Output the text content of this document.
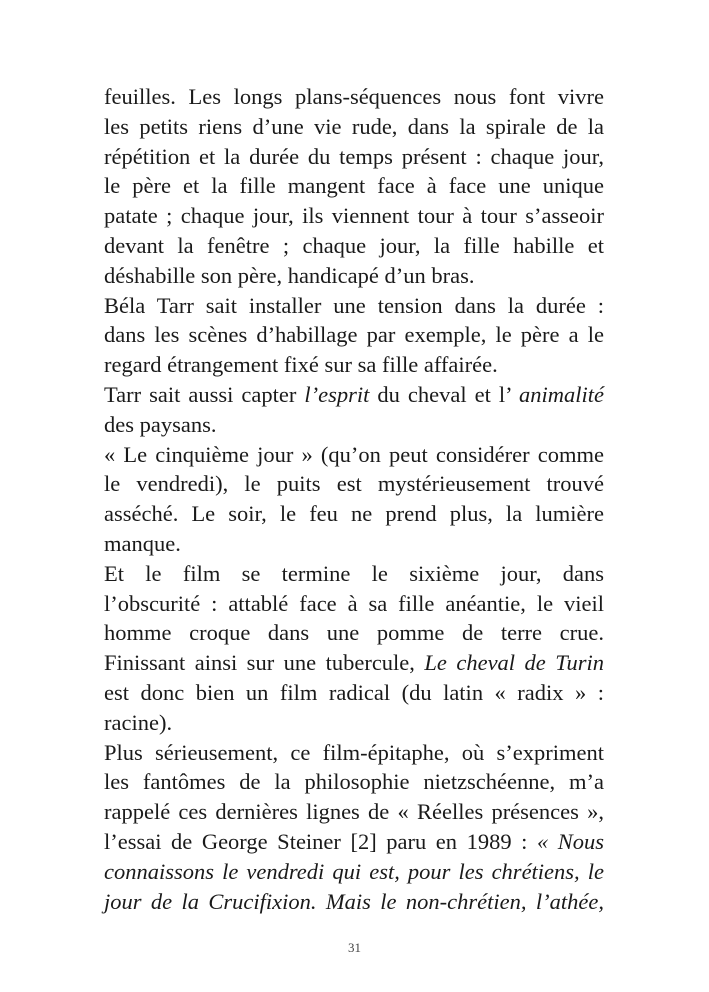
feuilles. Les longs plans-séquences nous font vivre

les petits riens d’une vie rude, dans la spirale de la

répétition et la durée du temps présent : chaque jour,

le père et la fille mangent face à face une unique

patate ; chaque jour, ils viennent tour à tour s’asseoir

devant la fenêtre ; chaque jour, la fille habille et

déshabille son père, handicapé d’un bras.

Béla Tarr sait installer une tension dans la durée :

dans les scènes d’habillage par exemple, le père a le

regard étrangement fixé sur sa fille affairée.

Tarr sait aussi capter l’esprit du cheval et l’ animalité

des paysans.

« Le cinquième jour » (qu’on peut considérer comme

le vendredi), le puits est mystérieusement trouvé

asséché. Le soir, le feu ne prend plus, la lumière

manque.

Et le film se termine le sixième jour, dans

l’obscurité : attablé face à sa fille anéantie, le vieil

homme croque dans une pomme de terre crue.

Finissant ainsi sur une tubercule, Le cheval de Turin

est donc bien un film radical (du latin « radix » :

racine).

Plus sérieusement, ce film-épitaphe, où s’expriment

les fantômes de la philosophie nietzschéenne, m’a

rappelé ces dernières lignes de « Réelles présences »,

l’essai de George Steiner [2] paru en 1989 : « Nous

connaissons le vendredi qui est, pour les chrétiens, le

jour de la Crucifixion. Mais le non-chrétien, l’athée,

31
